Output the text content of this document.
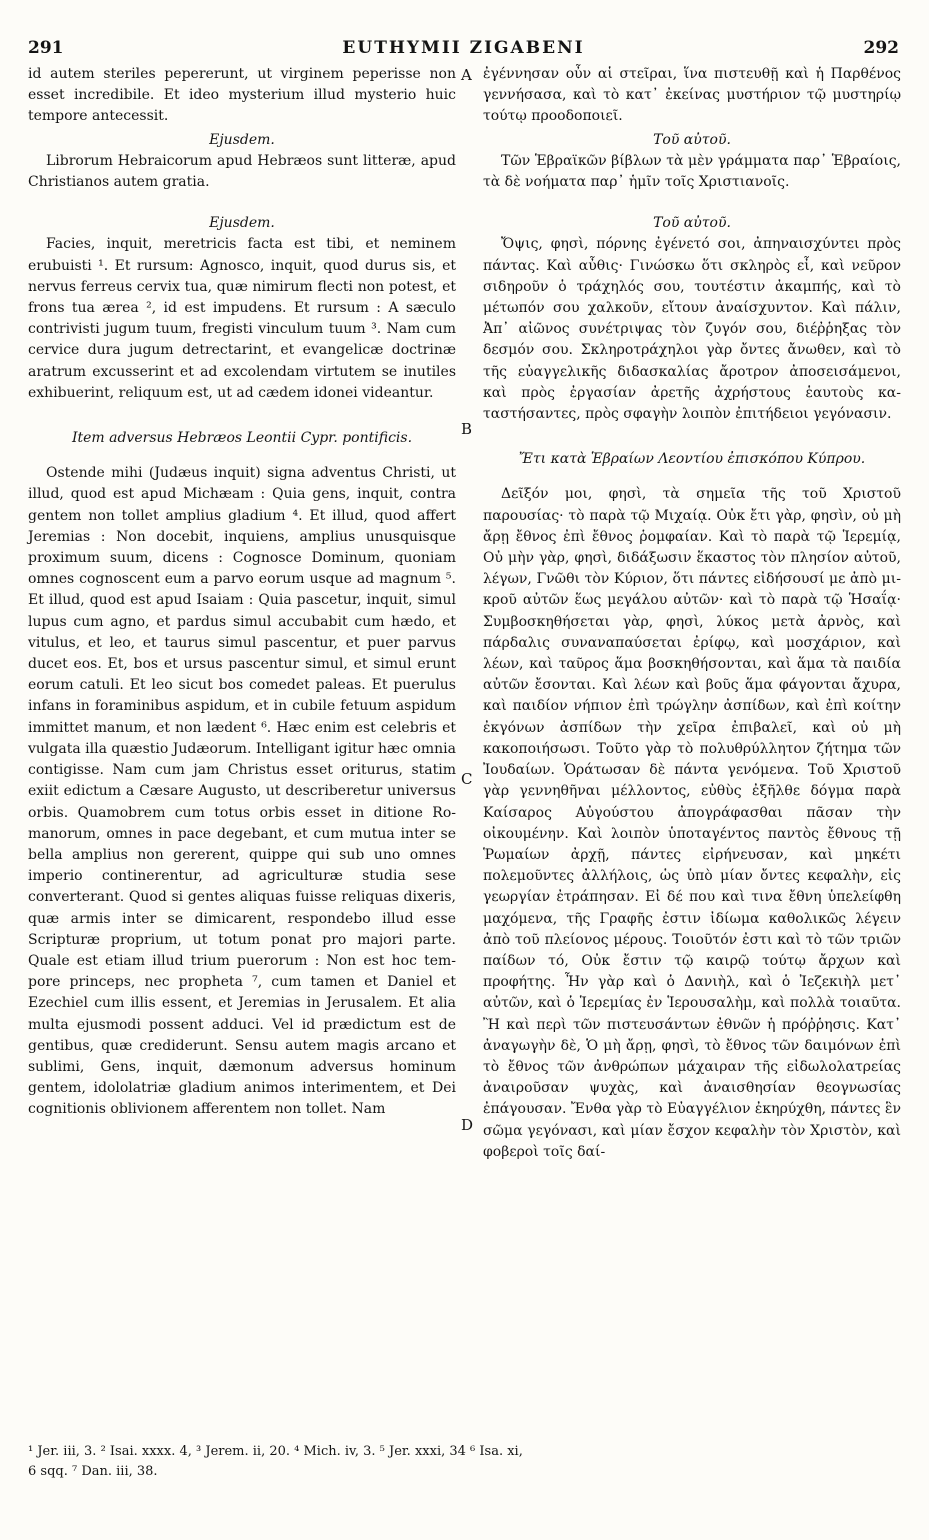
291	EUTHYMII ZIGABENI	292

id autem steriles pepererunt, ut virginem peperisse non esset incredibile. Et ideo mysterium illud mysterio huic tempore antecessit.

Ejusdem.

Librorum Hebraicorum apud Hebræos sunt litteræ, apud Christianos autem gratia.

Ejusdem.

Facies, inquit, meretricis facta est tibi, et neminem erubuisti ¹. Et rursum: Agnosco, inquit, quod durus sis, et nervus ferreus cervix tua, quæ nimirum flecti non potest, et frons tua ærea ², id est impudens. Et rursum : A sæculo contrivisti jugum tuum, fregisti vinculum tuum ³. Nam cum cervice dura jugum detrectarint, et evangelicæ doctrinæ aratrum excusserint et ad excolendam virtutem se inutiles exhibuerint, reliquum est, ut ad cædem idonei videantur.

Item adversus Hebræos Leontii Cypr. pontificis.

Ostende mihi (Judæus inquit) signa adventus Christi, ut illud, quod est apud Michæam : Quia gens, inquit, contra gentem non tollet amplius gladium ⁴. Et illud, quod affert Jeremias : Non docebit, inquiens, amplius unusquisque proximum suum, dicens : Cognosce Dominum, quoniam omnes cognoscent eum a parvo eorum usque ad magnum ⁵. Et illud, quod est apud Isaiam : Quia pascetur, inquit, simul lupus cum agno, et pardus simul accubabit cum hædo, et vitulus, et leo, et taurus simul pascentur, et puer parvus ducet eos. Et, bos et ursus pascentur simul, et simul erunt eorum catuli. Et leo sicut bos comedet paleas. Et puerulus infans in foraminibus aspidum, et in cubile fetuum aspidum immittet manum, et non lædent ⁶. Hæc enim est celebris et vulgata illa quæstio Judæorum. Intelligant igitur hæc omnia contigisse. Nam cum jam Christus esset oriturus, statim exiit edictum a Cæsare Augusto, ut describeretur universus orbis. Quamobrem cum totus orbis esset in ditione Romanorum, omnes in pace degebant, et cum mutua inter se bella amplius non gererent, quippe qui sub uno omnes imperio continerentur, ad agriculturæ studia sese converterant. Quod si gentes aliquas fuisse reliquas dixeris, quæ armis inter se dimicarent, respondebo illud esse Scripturæ proprium, ut totum ponat pro majori parte. Quale est etiam illud trium puerorum : Non est hoc tempore princeps, nec propheta ⁷, cum tamen et Daniel et Ezechiel cum illis essent, et Jeremias in Jerusalem. Et alia multa ejusmodi possent adduci. Vel id prædictum est de gentibus, quæ crediderunt. Sensu autem magis arcano et sublimi, Gens, inquit, dæmonum adversus hominum gentem, idololatriæ gladium animos interimentem, et Dei cognitionis oblivionem afferentem non tollet. Nam

A
B
C
D

ἐγέννησαν οὖν αἱ στεῖραι, ἵνα πιστευθῇ καὶ ἡ Παρθένος γεννήσασα, καὶ τὸ κατ᾽ ἐκείνας μυστήριον τῷ μυστηρίῳ τούτῳ προοδοποιεῖ.

Τοῦ αὐτοῦ.

Τῶν Ἑβραϊκῶν βίβλων τὰ μὲν γράμματα παρ᾽ Ἑβραίοις, τὰ δὲ νοήματα παρ᾽ ἡμῖν τοῖς Χριστιανοῖς.

Τοῦ αὐτοῦ.

Ὄψις, φησὶ, πόρνης ἐγένετό σοι, ἀπηναισχύντει πρὸς πάντας. Καὶ αὖθις· Γινώσκω ὅτι σκληρὸς εἶ, καὶ νεῦρον σιδηροῦν ὁ τράχηλός σου, τουτέστιν ἀκαμπής, καὶ τὸ μέτωπόν σου χαλκοῦν, εἴτουν ἀναίσχυντον. Καὶ πάλιν, Ἀπ᾽ αἰῶνος συνέτριψας τὸν ζυγόν σου, διέῤῥηξας τὸν δεσμόν σου. Σκληροτράχηλοι γὰρ ὄντες ἄνωθεν, καὶ τὸ τῆς εὐαγγελικῆς διδασκαλίας ἄροτρον ἀποσεισάμενοι, καὶ πρὸς ἐργασίαν ἀρετῆς ἀχρήστους ἑαυτοὺς καταστήσαντες, πρὸς σφαγὴν λοιπὸν ἐπιτήδειοι γεγόνασιν.

Ἔτι κατὰ Ἑβραίων Λεοντίου ἐπισκόπου Κύπρου.

Δεῖξόν μοι, φησὶ, τὰ σημεῖα τῆς τοῦ Χριστοῦ παρουσίας· τὸ παρὰ τῷ Μιχαίᾳ. Οὐκ ἔτι γὰρ, φησὶν, οὐ μὴ ἄρῃ ἔθνος ἐπὶ ἔθνος ῥομφαίαν. Καὶ τὸ παρὰ τῷ Ἱερεμίᾳ, Οὐ μὴν γὰρ, φησὶ, διδάξωσιν ἕκαστος τὸν πλησίον αὐτοῦ, λέγων, Γνῶθι τὸν Κύριον, ὅτι πάντες εἰδήσουσί με ἀπὸ μικροῦ αὐτῶν ἕως μεγάλου αὐτῶν· καὶ τὸ παρὰ τῷ Ἡσαΐᾳ· Συμβοσκηθήσεται γὰρ, φησὶ, λύκος μετὰ ἀρνὸς, καὶ πάρδαλις συναναπαύσεται ἐρίφῳ, καὶ μοσχάριον, καὶ λέων, καὶ ταῦρος ἅμα βοσκηθήσονται, καὶ ἅμα τὰ παιδία αὐτῶν ἔσονται. Καὶ λέων καὶ βοῦς ἅμα φάγονται ἄχυρα, καὶ παιδίον νήπιον ἐπὶ τρώγλην ἀσπίδων, καὶ ἐπὶ κοίτην ἐκγόνων ἀσπίδων τὴν χεῖρα ἐπιβαλεῖ, καὶ οὐ μὴ κακοποιήσωσι. Τοῦτο γὰρ τὸ πολυθρύλλητον ζήτημα τῶν Ἰουδαίων. Ὁράτωσαν δὲ πάντα γενόμενα. Τοῦ Χριστοῦ γὰρ γεννηθῆναι μέλλοντος, εὐθὺς ἐξῆλθε δόγμα παρὰ Καίσαρος Αὐγούστου ἀπογράφασθαι πᾶσαν τὴν οἰκουμένην. Καὶ λοιπὸν ὑποταγέντος παντὸς ἔθνους τῇ Ῥωμαίων ἀρχῇ, πάντες εἰρήνευσαν, καὶ μηκέτι πολεμοῦντες ἀλλήλοις, ὡς ὑπὸ μίαν ὄντες κεφαλὴν, εἰς γεωργίαν ἐτράπησαν. Εἰ δέ που καὶ τινα ἔθνη ὑπελείφθη μαχόμενα, τῆς Γραφῆς ἐστιν ἰδίωμα καθολικῶς λέγειν ἀπὸ τοῦ πλείονος μέρους. Τοιοῦτόν ἐστι καὶ τὸ τῶν τριῶν παίδων τό, Οὐκ ἔστιν τῷ καιρῷ τούτῳ ἄρχων καὶ προφήτης. Ἦν γὰρ καὶ ὁ Δανιὴλ, καὶ ὁ Ἰεζεκιὴλ μετ᾽ αὐτῶν, καὶ ὁ Ἱερεμίας ἐν Ἱερουσαλὴμ, καὶ πολλὰ τοιαῦτα. Ἢ καὶ περὶ τῶν πιστευσάντων ἐθνῶν ἡ πρόῤῥησις. Κατ᾽ ἀναγωγὴν δὲ, Ὁ μὴ ἄρῃ, φησὶ, τὸ ἔθνος τῶν δαιμόνων ἐπὶ τὸ ἔθνος τῶν ἀνθρώπων μάχαιραν τῆς εἰδωλολατρείας ἀναιροῦσαν ψυχὰς, καὶ ἀναισθησίαν θεογνωσίας ἐπάγουσαν. Ἔνθα γὰρ τὸ Εὐαγγέλιον ἐκηρύχθη, πάντες ἓν σῶμα γεγόνασι, καὶ μίαν ἔσχον κεφαλὴν τὸν Χριστὸν, καὶ φοβεροὶ τοῖς δαί-

¹ Jer. iii, 3. ² Isai. xxxx. 4, ³ Jerem. ii, 20. ⁴ Mich. iv, 3. ⁵ Jer. xxxi, 34 ⁶ Isa. xi,
6 sqq. ⁷ Dan. iii, 38.
